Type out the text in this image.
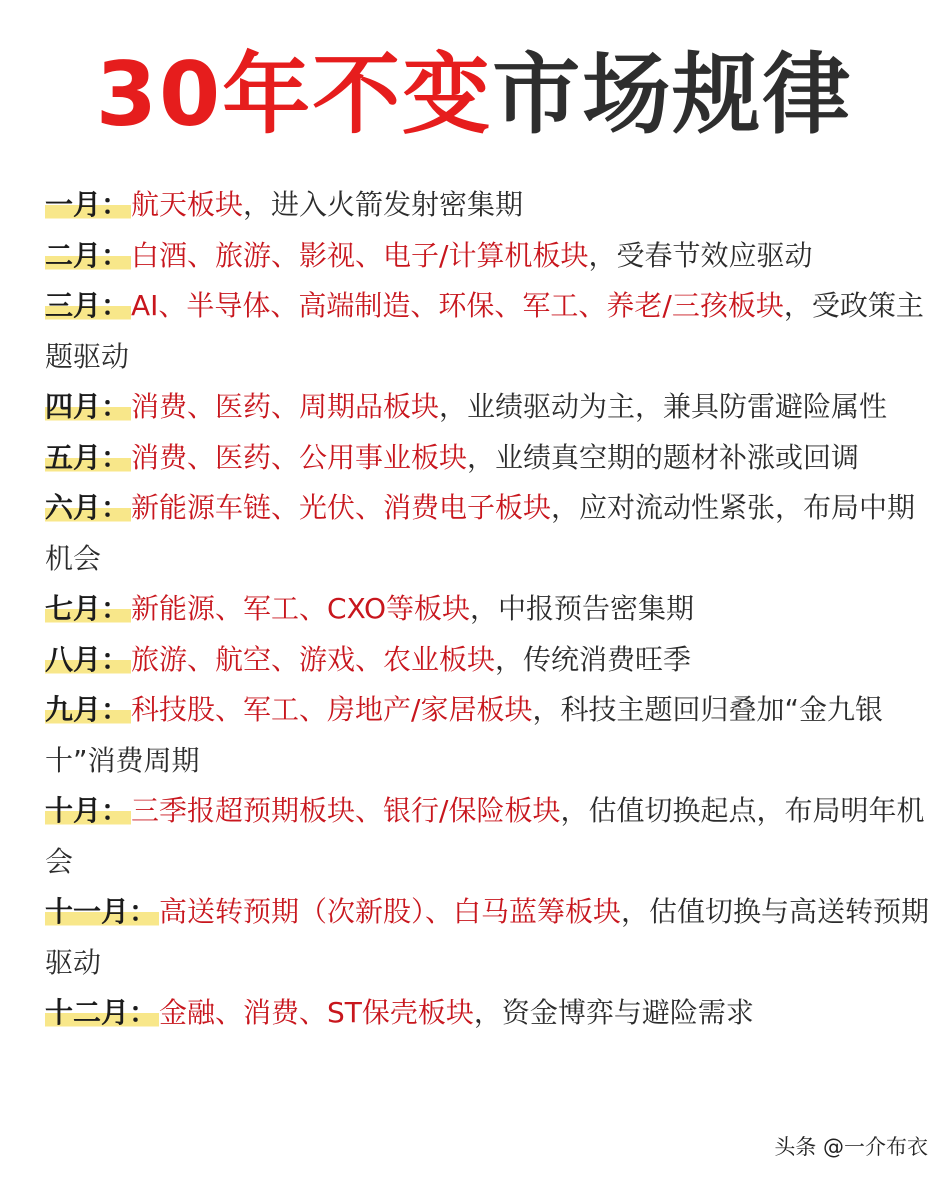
30年不变市场规律

一月：航天板块，进入火箭发射密集期

二月：白酒、旅游、影视、电子/计算机板块，受春节效应驱动

三月：AI、半导体、高端制造、环保、军工、养老/三孩板块，受政策主题驱动

四月：消费、医药、周期品板块，业绩驱动为主，兼具防雷避险属性

五月：消费、医药、公用事业板块，业绩真空期的题材补涨或回调

六月：新能源车链、光伏、消费电子板块，应对流动性紧张，布局中期机会

七月：新能源、军工、CXO等板块，中报预告密集期

八月：旅游、航空、游戏、农业板块，传统消费旺季

九月：科技股、军工、房地产/家居板块，科技主题回归叠加“金九银十”消费周期

十月：三季报超预期板块、银行/保险板块，估值切换起点，布局明年机会

十一月：高送转预期（次新股）、白马蓝筹板块，估值切换与高送转预期驱动

十二月：金融、消费、ST保壳板块，资金博弈与避险需求

头条 @一介布衣
